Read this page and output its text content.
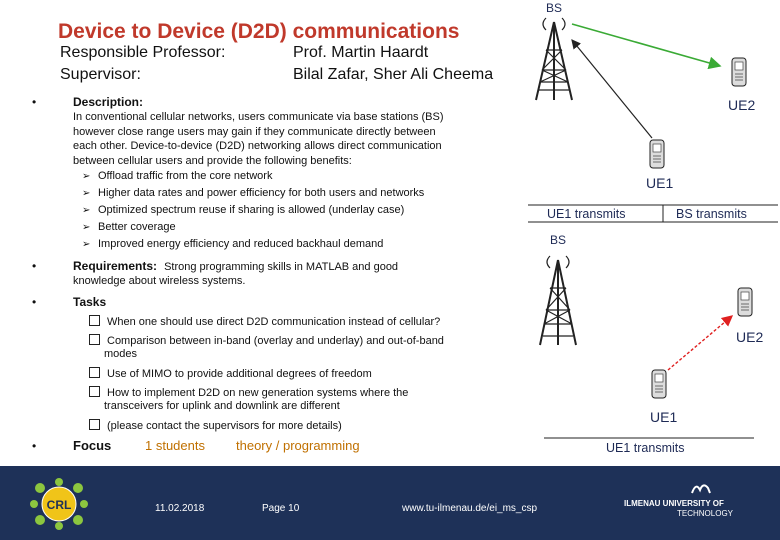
Device to Device (D2D) communications
Responsible Professor:	Prof. Martin Haardt
Supervisor:	Bilal Zafar, Sher Ali Cheema
•	Description:
In conventional cellular networks, users communicate via base stations (BS)
however close range users may gain if they communicate directly between
each other. Device-to-device (D2D) networking allows direct communication
between cellular users and provide the following benefits:
➢ Offload traffic from the core network
➢ Higher data rates and power efficiency for both users and networks
➢ Optimized spectrum reuse if sharing is allowed (underlay case)
➢ Better coverage
➢ Improved energy efficiency and reduced backhaul demand
•	Requirements: Strong programming skills in MATLAB and good
knowledge about wireless systems.
•	Tasks
When one should use direct D2D communication instead of cellular?
Comparison between in-band (overlay and underlay) and out-of-band
modes
Use of MIMO to provide additional degrees of freedom
How to implement D2D on new generation systems where the
transceivers for uplink and downlink are different
(please contact the supervisors for more details)
•	Focus	1 students theory / programming
BS
UE2
UE1
UE1 transmits	BS transmits
BS
UE2
UE1
UE1 transmits
CRL	11.02.2018	Page 10	www.tu-ilmenau.de/ei_ms_csp	ILMENAU UNIVERSITY OF
TECHNOLOGY
